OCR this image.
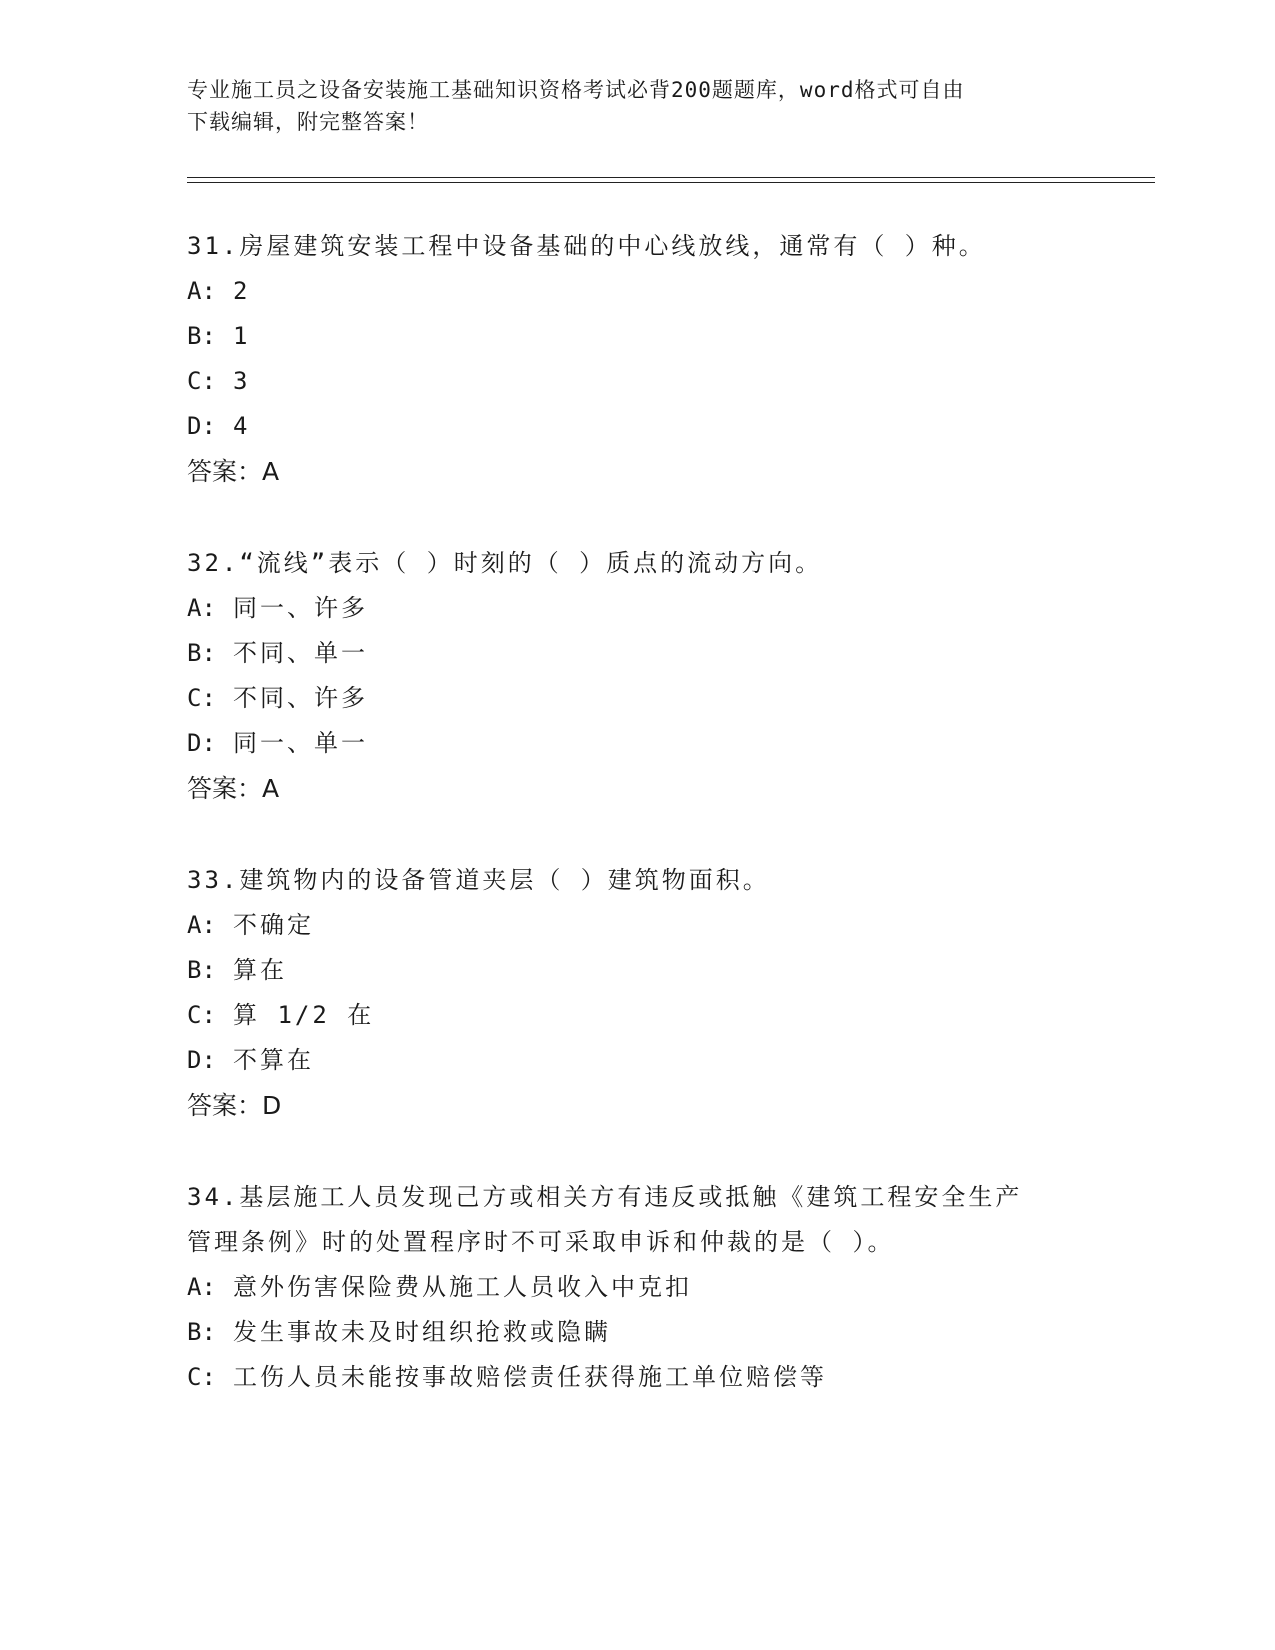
专业施工员之设备安装施工基础知识资格考试必背200题题库，word格式可自由
下载编辑，附完整答案！
31.房屋建筑安装工程中设备基础的中心线放线，通常有（ ）种。
A: 2
B: 1
C: 3
D: 4
答案：A
32.“流线”表示（ ）时刻的（ ）质点的流动方向。
A: 同一、许多
B: 不同、单一
C: 不同、许多
D: 同一、单一
答案：A
33.建筑物内的设备管道夹层（ ）建筑物面积。
A: 不确定
B: 算在
C: 算 1/2 在
D: 不算在
答案：D
34.基层施工人员发现己方或相关方有违反或抵触《建筑工程安全生产
管理条例》时的处置程序时不可采取申诉和仲裁的是（ ）。
A: 意外伤害保险费从施工人员收入中克扣
B: 发生事故未及时组织抢救或隐瞒
C: 工伤人员未能按事故赔偿责任获得施工单位赔偿等
